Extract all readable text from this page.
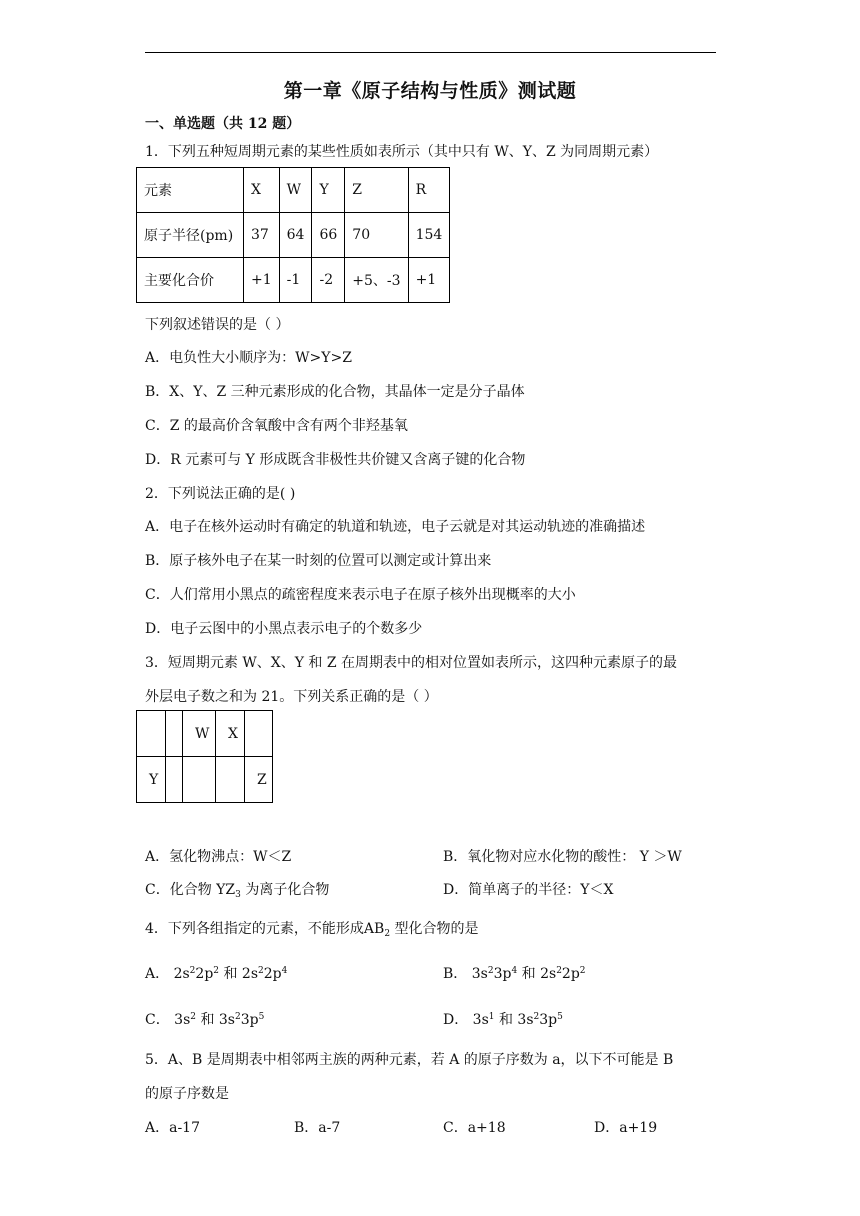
第一章《原子结构与性质》测试题
一、单选题（共 12 题）
1．下列五种短周期元素的某些性质如表所示（其中只有 W、Y、Z 为同周期元素）
元素	X	W	Y	Z	R
原子半径(pm)	37	64	66	70	154
主要化合价	+1	-1	-2	+5、-3	+1
下列叙述错误的是（ ）
A．电负性大小顺序为：W>Y>Z
B．X、Y、Z 三种元素形成的化合物，其晶体一定是分子晶体
C．Z 的最高价含氧酸中含有两个非羟基氧
D．R 元素可与 Y 形成既含非极性共价键又含离子键的化合物
2．下列说法正确的是( )
A．电子在核外运动时有确定的轨道和轨迹，电子云就是对其运动轨迹的准确描述
B．原子核外电子在某一时刻的位置可以测定或计算出来
C．人们常用小黑点的疏密程度来表示电子在原子核外出现概率的大小
D．电子云图中的小黑点表示电子的个数多少
3．短周期元素 W、X、Y 和 Z 在周期表中的相对位置如表所示，这四种元素原子的最
外层电子数之和为 21。下列关系正确的是（ ）
		W	X	
Y				Z
A．氢化物沸点：W＜Z	B．氧化物对应水化物的酸性： Y ＞W
C．化合物 $YZ_3$ 为离子化合物	D．简单离子的半径：Y＜X
4．下列各组指定的元素，不能形成$AB_2$ 型化合物的是
A． $2s^22p^2$ 和 $2s^22p^4$	B． $3s^23p^4$ 和 $2s^22p^2$
C． $3s^2$ 和 $3s^23p^5$	D． $3s^1$ 和 $3s^23p^5$
5．A、B 是周期表中相邻两主族的两种元素，若 A 的原子序数为 a，以下不可能是 B
的原子序数是
A．a-17	B．a-7	C．a+18	D．a+19
